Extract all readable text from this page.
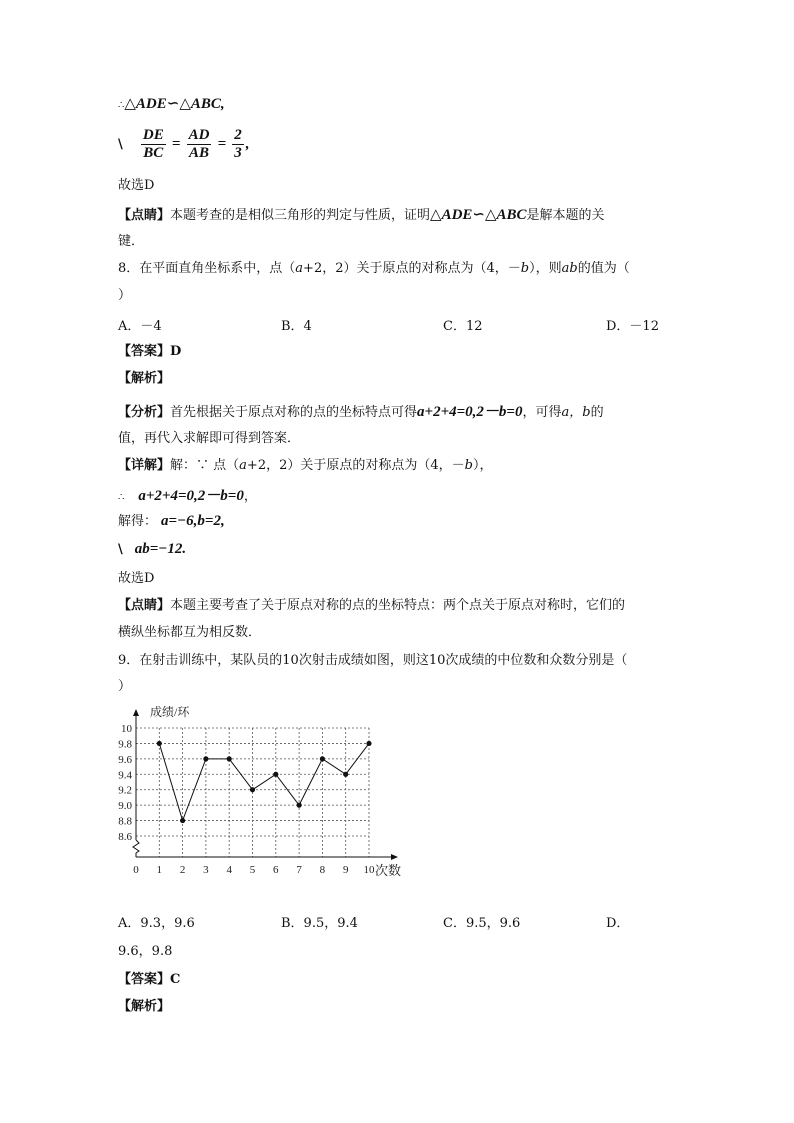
∴△ADE∽△ABC,
\ $\frac{DE}{BC} = \frac{AD}{AB} = \frac{2}{3}$ ,
故选D
【点睛】本题考查的是相似三角形的判定与性质，证明△ADE∽△ABC是解本题的关
键．
8．在平面直角坐标系中，点（a+2，2）关于原点的对称点为（4，－b），则ab的值为（
）
A．－4	B．4	C．12	D．－12
【答案】D
【解析】
【分析】首先根据关于原点对称的点的坐标特点可得a+2+4=0,2－b=0，可得a，b的
值，再代入求解即可得到答案．
【详解】解：∵ 点（a+2，2）关于原点的对称点为（4，－b），
∴ a+2+4=0,2－b=0，
解得： a=−6,b=2,
\ ab=−12.
故选D
【点睛】本题主要考查了关于原点对称的点的坐标特点：两个点关于原点对称时，它们的
横纵坐标都互为相反数．
9．在射击训练中，某队员的10次射击成绩如图，则这10次成绩的中位数和众数分别是（
）
8.6
8.8
9.0
9.2
9.4
9.6
9.8
10
0 1 2 3 4 5 6 7 8 9 10
成绩/环
次数
A．9.3，9.6	B．9.5，9.4	C．9.5，9.6	D．
9.6，9.8
【答案】C
【解析】
